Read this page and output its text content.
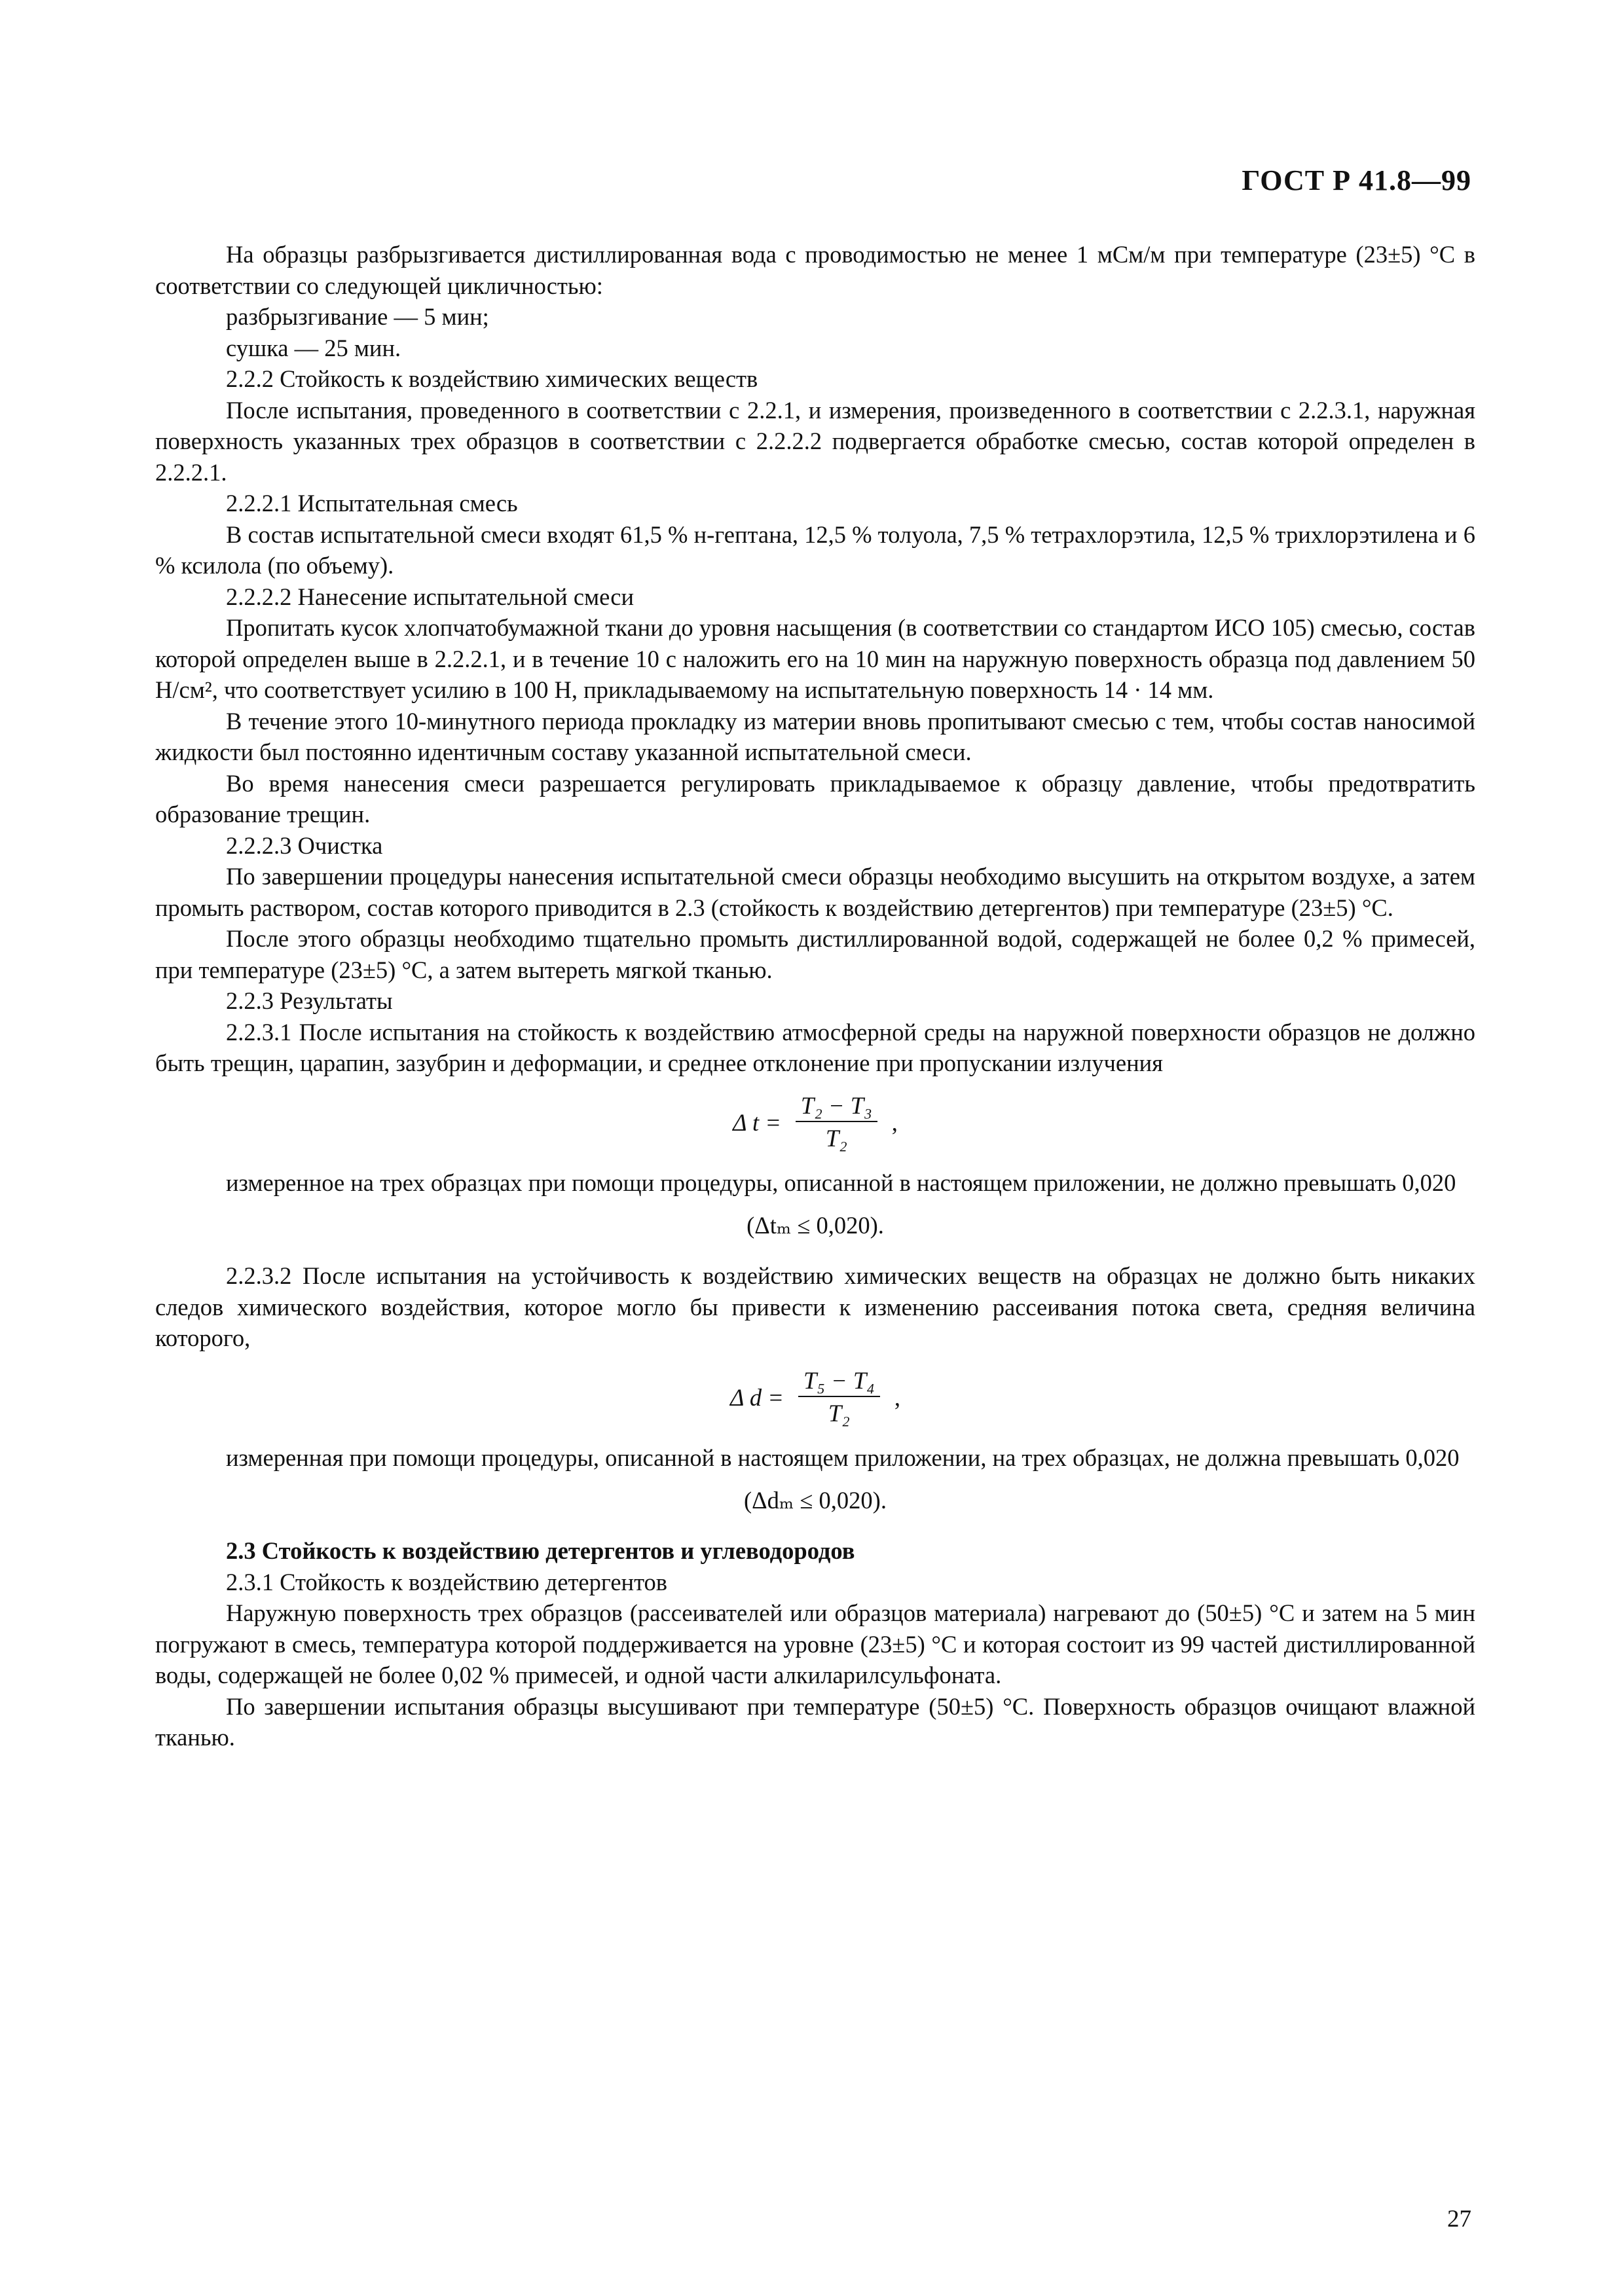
ГОСТ Р 41.8—99

На образцы разбрызгивается дистиллированная вода с проводимостью не менее 1 мСм/м при температуре (23±5) °С в соответствии со следующей цикличностью:

разбрызгивание — 5 мин;

сушка — 25 мин.

2.2.2 Стойкость к воздействию химических веществ

После испытания, проведенного в соответствии с 2.2.1, и измерения, произведенного в соответствии с 2.2.3.1, наружная поверхность указанных трех образцов в соответствии с 2.2.2.2 подвергается обработке смесью, состав которой определен в 2.2.2.1.

2.2.2.1 Испытательная смесь

В состав испытательной смеси входят 61,5 % н-гептана, 12,5 % толуола, 7,5 % тетрахлорэтила, 12,5 % трихлорэтилена и 6 % ксилола (по объему).

2.2.2.2 Нанесение испытательной смеси

Пропитать кусок хлопчатобумажной ткани до уровня насыщения (в соответствии со стандартом ИСО 105) смесью, состав которой определен выше в 2.2.2.1, и в течение 10 с наложить его на 10 мин на наружную поверхность образца под давлением 50 Н/см², что соответствует усилию в 100 Н, прикладываемому на испытательную поверхность 14 · 14 мм.

В течение этого 10-минутного периода прокладку из материи вновь пропитывают смесью с тем, чтобы состав наносимой жидкости был постоянно идентичным составу указанной испытательной смеси.

Во время нанесения смеси разрешается регулировать прикладываемое к образцу давление, чтобы предотвратить образование трещин.

2.2.2.3 Очистка

По завершении процедуры нанесения испытательной смеси образцы необходимо высушить на открытом воздухе, а затем промыть раствором, состав которого приводится в 2.3 (стойкость к воздействию детергентов) при температуре (23±5) °С.

После этого образцы необходимо тщательно промыть дистиллированной водой, содержащей не более 0,2 % примесей, при температуре (23±5) °С, а затем вытереть мягкой тканью.

2.2.3 Результаты

2.2.3.1 После испытания на стойкость к воздействию атмосферной среды на наружной поверхности образцов не должно быть трещин, царапин, зазубрин и деформации, и среднее отклонение при пропускании излучения

Δ $t = \frac{\text{T₂ − T₃}}{\text{T₂}}$ ,

измеренное на трех образцах при помощи процедуры, описанной в настоящем приложении, не должно превышать 0,020

(Δtₘ ≤ 0,020).

2.2.3.2 После испытания на устойчивость к воздействию химических веществ на образцах не должно быть никаких следов химического воздействия, которое могло бы привести к изменению рассеивания потока света, средняя величина которого,

Δ $d = \frac{\text{T₅ − T₄}}{\text{T₂}}$ ,

измеренная при помощи процедуры, описанной в настоящем приложении, на трех образцах, не должна превышать 0,020

(Δdₘ ≤ 0,020).

2.3 Стойкость к воздействию детергентов и углеводородов

2.3.1 Стойкость к воздействию детергентов

Наружную поверхность трех образцов (рассеивателей или образцов материала) нагревают до (50±5) °С и затем на 5 мин погружают в смесь, температура которой поддерживается на уровне (23±5) °С и которая состоит из 99 частей дистиллированной воды, содержащей не более 0,02 % примесей, и одной части алкиларилсульфоната.

По завершении испытания образцы высушивают при температуре (50±5) °С. Поверхность образцов очищают влажной тканью.

27
